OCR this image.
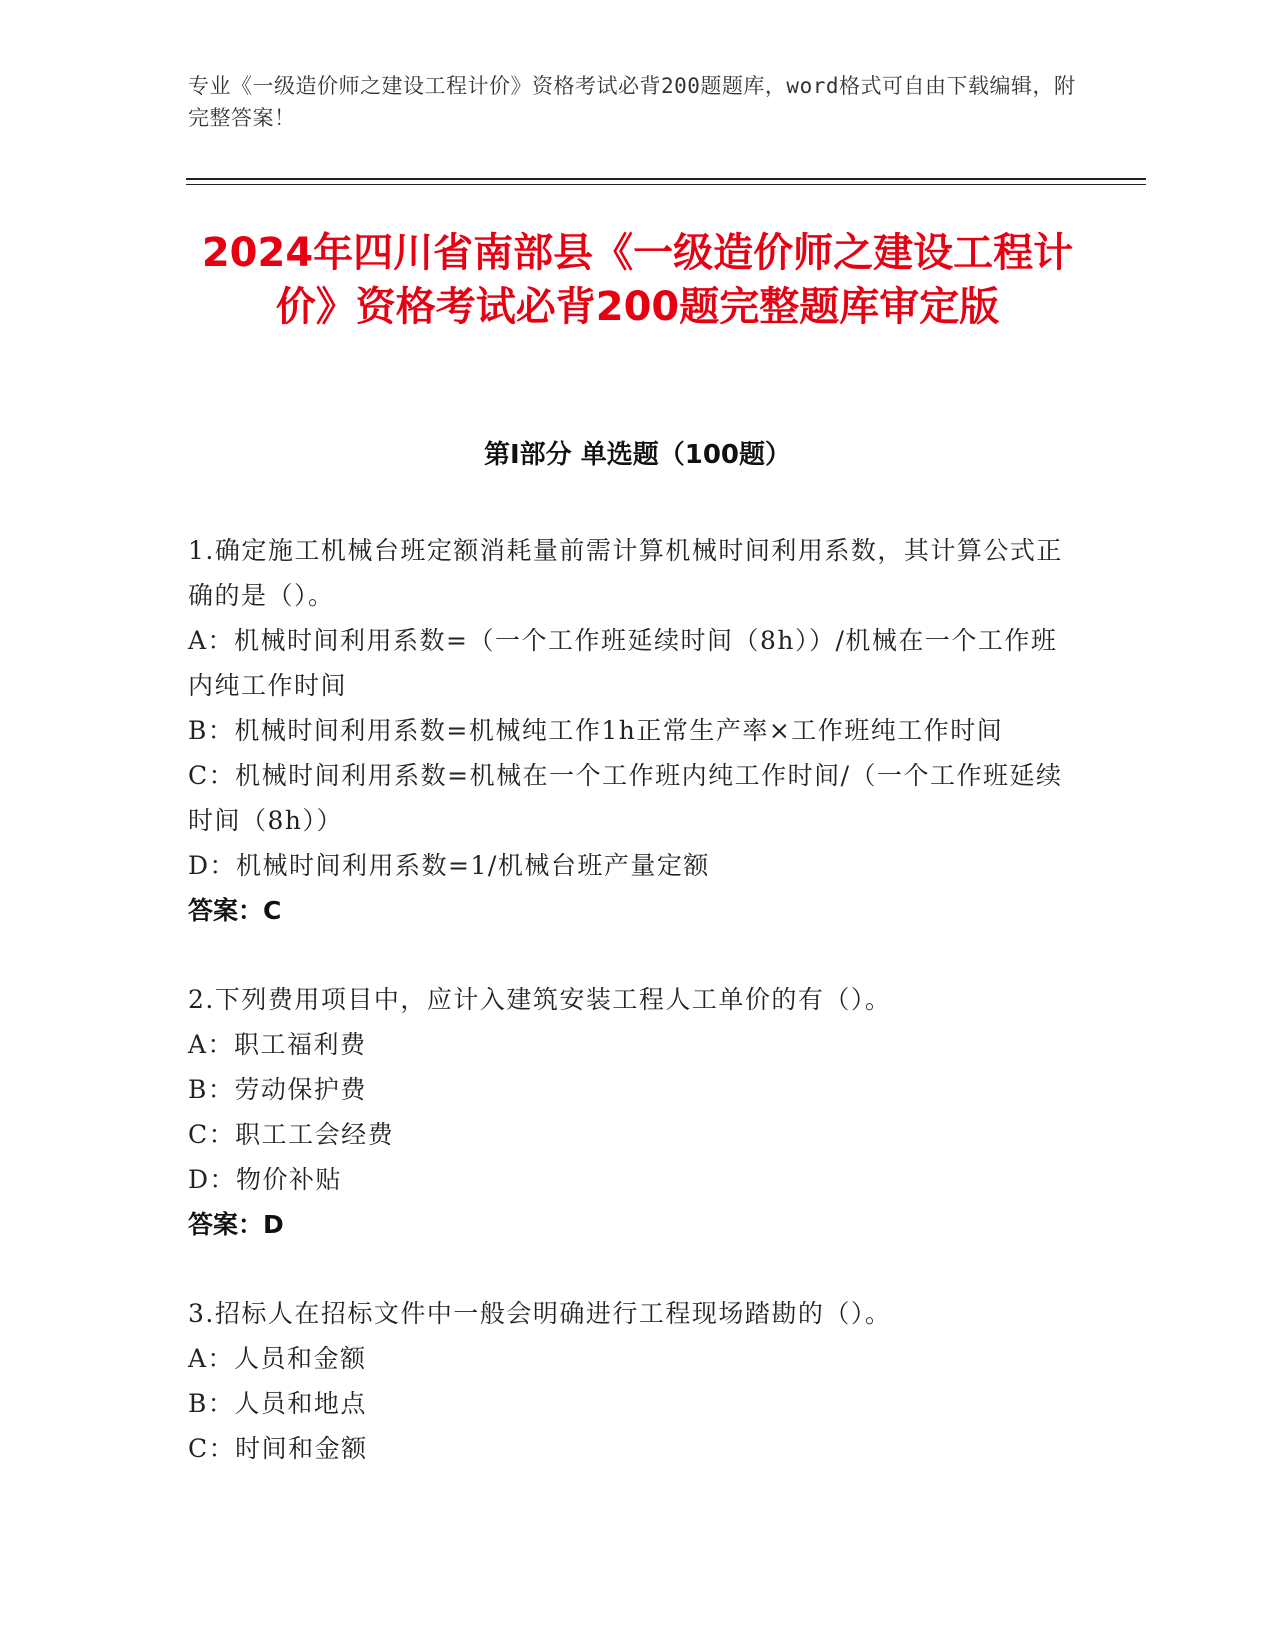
专业《一级造价师之建设工程计价》资格考试必背200题题库，word格式可自由下载编辑，附完整答案！
2024年四川省南部县《一级造价师之建设工程计价》资格考试必背200题完整题库审定版
第Ⅰ部分 单选题（100题）
1.确定施工机械台班定额消耗量前需计算机械时间利用系数，其计算公式正确的是（）。
A：机械时间利用系数=（一个工作班延续时间（8h））/机械在一个工作班内纯工作时间
B：机械时间利用系数=机械纯工作1h正常生产率×工作班纯工作时间
C：机械时间利用系数=机械在一个工作班内纯工作时间/（一个工作班延续时间（8h））
D：机械时间利用系数=1/机械台班产量定额
答案：C
2.下列费用项目中，应计入建筑安装工程人工单价的有（）。
A：职工福利费
B：劳动保护费
C：职工工会经费
D：物价补贴
答案：D
3.招标人在招标文件中一般会明确进行工程现场踏勘的（）。
A：人员和金额
B：人员和地点
C：时间和金额
